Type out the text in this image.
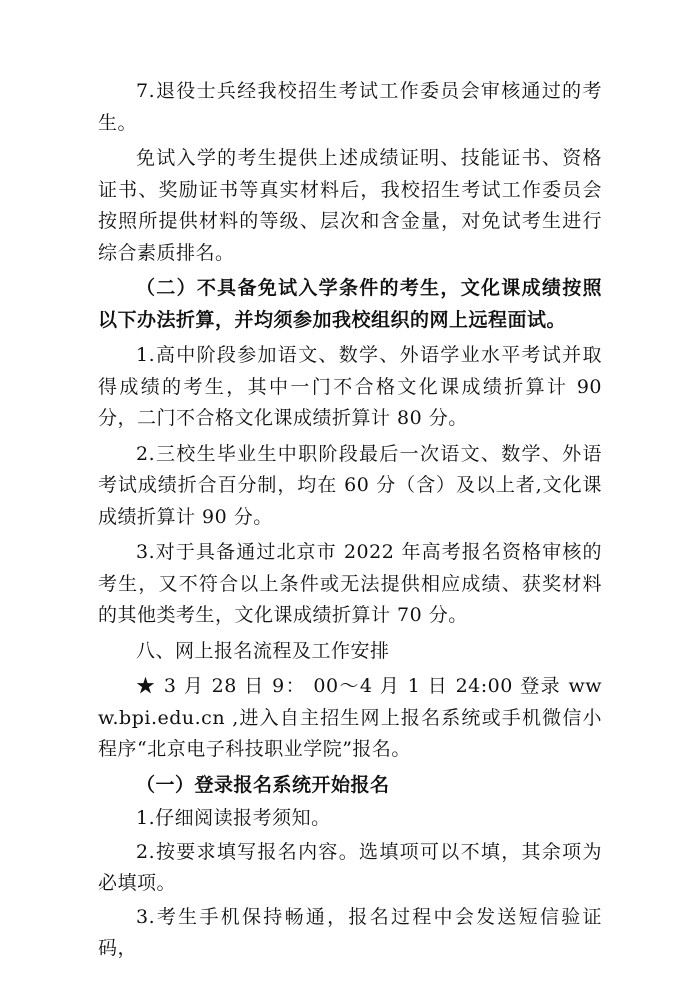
7.退役士兵经我校招生考试工作委员会审核通过的考生。

免试入学的考生提供上述成绩证明、技能证书、资格证书、奖励证书等真实材料后，我校招生考试工作委员会按照所提供材料的等级、层次和含金量，对免试考生进行综合素质排名。

（二）不具备免试入学条件的考生，文化课成绩按照以下办法折算，并均须参加我校组织的网上远程面试。

1.高中阶段参加语文、数学、外语学业水平考试并取得成绩的考生，其中一门不合格文化课成绩折算计 90 分，二门不合格文化课成绩折算计 80 分。

2.三校生毕业生中职阶段最后一次语文、数学、外语考试成绩折合百分制，均在 60 分（含）及以上者,文化课成绩折算计 90 分。

3.对于具备通过北京市 2022 年高考报名资格审核的考生，又不符合以上条件或无法提供相应成绩、获奖材料的其他类考生，文化课成绩折算计 70 分。

八、网上报名流程及工作安排

★ 3 月 28 日 9： 00～4 月 1 日 24:00 登录 www.bpi.edu.cn ,进入自主招生网上报名系统或手机微信小程序“北京电子科技职业学院”报名。

（一）登录报名系统开始报名

1.仔细阅读报考须知。

2.按要求填写报名内容。选填项可以不填，其余项为必填项。

3.考生手机保持畅通，报名过程中会发送短信验证码，
